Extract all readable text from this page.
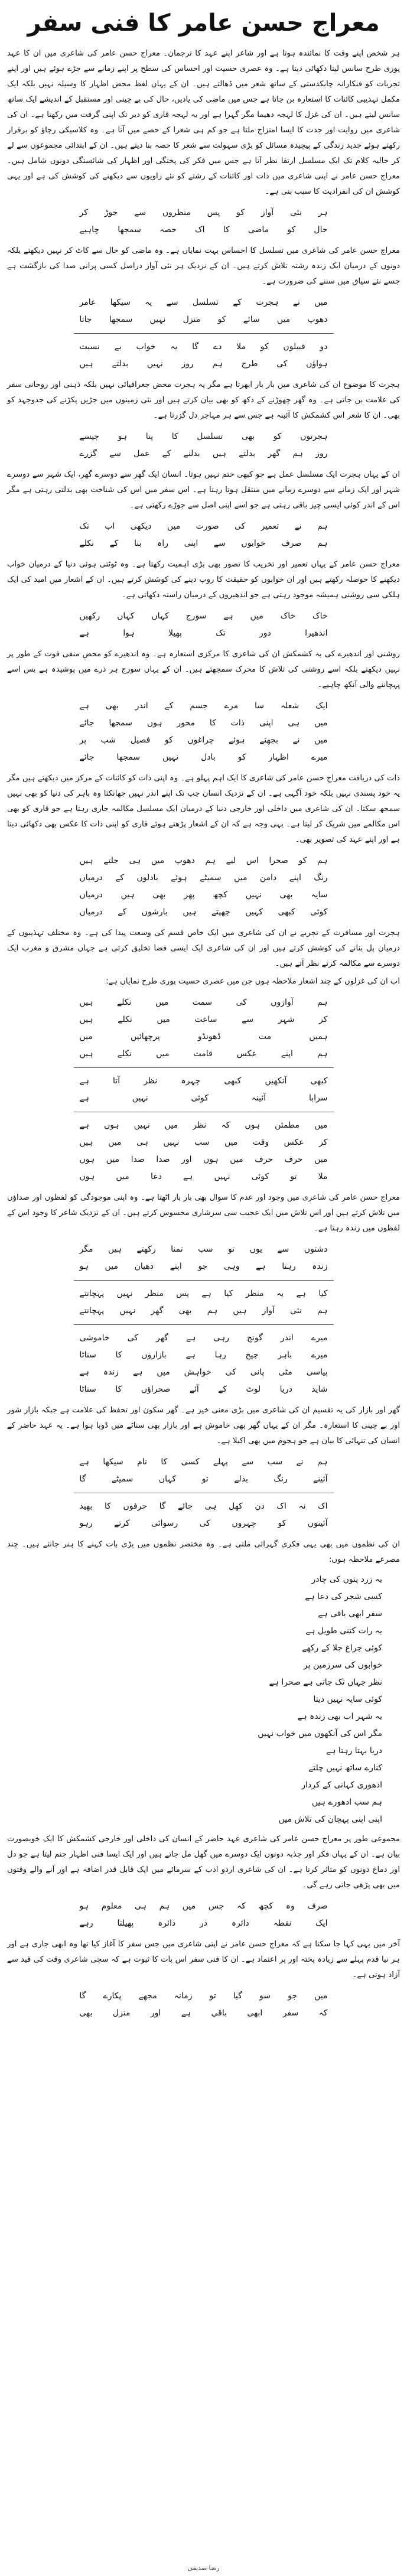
معراج حسن عامر کا فنی سفر

ہر شخص اپنے وقت کا نمائندہ ہوتا ہے اور شاعر اپنے عہد کا ترجمان۔ معراج حسن عامر کی شاعری میں ان کا عہد پوری طرح سانس لیتا دکھائی دیتا ہے۔ وہ عصری حسیت اور احساس کی سطح پر اپنے زمانے سے جڑے ہوئے ہیں اور اپنے تجربات کو فنکارانہ چابکدستی کے ساتھ شعر میں ڈھالتے ہیں۔ ان کے یہاں لفظ محض اظہار کا وسیلہ نہیں بلکہ ایک مکمل تہذیبی کائنات کا استعارہ بن جاتا ہے جس میں ماضی کی یادیں، حال کی بے چینی اور مستقبل کے اندیشے ایک ساتھ سانس لیتے ہیں۔ ان کی غزل کا لہجہ دھیما مگر گہرا ہے اور یہ لہجہ قاری کو دیر تک اپنی گرفت میں رکھتا ہے۔ ان کی شاعری میں روایت اور جدت کا ایسا امتزاج ملتا ہے جو کم ہی شعرا کے حصے میں آتا ہے۔ وہ کلاسیکی رچاؤ کو برقرار رکھتے ہوئے جدید زندگی کے پیچیدہ مسائل کو بڑی سہولت سے شعر کا حصہ بنا دیتے ہیں۔ ان کے ابتدائی مجموعوں سے لے کر حالیہ کلام تک ایک مسلسل ارتقا نظر آتا ہے جس میں فکر کی پختگی اور اظہار کی شائستگی دونوں شامل ہیں۔ معراج حسن عامر نے اپنی شاعری میں ذات اور کائنات کے رشتے کو نئے زاویوں سے دیکھنے کی کوشش کی ہے اور یہی کوشش ان کی انفرادیت کا سبب بنی ہے۔

ہر نئی آواز کو پس منظروں سے جوڑ کر
حال کو ماضی کا اک حصہ سمجھا چاہیے

معراج حسن عامر کی شاعری میں تسلسل کا احساس بہت نمایاں ہے۔ وہ ماضی کو حال سے کاٹ کر نہیں دیکھتے بلکہ دونوں کے درمیان ایک زندہ رشتہ تلاش کرتے ہیں۔ ان کے نزدیک ہر نئی آواز دراصل کسی پرانی صدا کی بازگشت ہے جسے نئے سیاق میں سننے کی ضرورت ہے۔

میں نے ہجرت کے تسلسل سے یہ سیکھا عامر
دھوپ میں سائے کو منزل نہیں سمجھا جاتا
دو قبیلوں کو ملا دے گا یہ خواب بے نسبت
ہواؤں کی طرح ہم روز نہیں بدلتے ہیں

ہجرت کا موضوع ان کی شاعری میں بار بار ابھرتا ہے مگر یہ ہجرت محض جغرافیائی نہیں بلکہ ذہنی اور روحانی سفر کی علامت بن جاتی ہے۔ وہ گھر چھوڑنے کے دکھ کو بھی بیان کرتے ہیں اور نئی زمینوں میں جڑیں پکڑنے کی جدوجہد کو بھی۔ ان کا شعر اس کشمکش کا آئینہ ہے جس سے ہر مہاجر دل گزرتا ہے۔

ہجرتوں کو بھی تسلسل کا پتا ہو جیسے
روز ہم گھر بدلتے ہیں بدلنے کے عمل سے گزرے

ان کے یہاں ہجرت ایک مسلسل عمل ہے جو کبھی ختم نہیں ہوتا۔ انسان ایک گھر سے دوسرے گھر، ایک شہر سے دوسرے شہر اور ایک زمانے سے دوسرے زمانے میں منتقل ہوتا رہتا ہے۔ اس سفر میں اس کی شناخت بھی بدلتی رہتی ہے مگر اس کے اندر کوئی ایسی چیز باقی رہتی ہے جو اسے اپنی اصل سے جوڑے رکھتی ہے۔

ہم نے تعمیر کی صورت میں دیکھی اب تک
ہم صرف خوابوں سے اپنی راہ بنا کے نکلے

معراج حسن عامر کے یہاں تعمیر اور تخریب کا تصور بھی بڑی اہمیت رکھتا ہے۔ وہ ٹوٹتی ہوئی دنیا کے درمیان خواب دیکھنے کا حوصلہ رکھتے ہیں اور ان خوابوں کو حقیقت کا روپ دینے کی کوشش کرتے ہیں۔ ان کے اشعار میں امید کی ایک ہلکی سی روشنی ہمیشہ موجود رہتی ہے جو اندھیروں کے درمیان راستہ دکھاتی ہے۔

خاک خاک میں ہے سورج کہاں کہاں رکھیں
اندھیرا دور تک پھیلا ہوا ہے

روشنی اور اندھیرے کی یہ کشمکش ان کی شاعری کا مرکزی استعارہ ہے۔ وہ اندھیرے کو محض منفی قوت کے طور پر نہیں دیکھتے بلکہ اسے روشنی کی تلاش کا محرک سمجھتے ہیں۔ ان کے یہاں سورج ہر ذرے میں پوشیدہ ہے بس اسے پہچاننے والی آنکھ چاہیے۔

ایک شعلہ سا مرے جسم کے اندر بھی ہے
میں ہی اپنی ذات کا محور ہوں سمجھا جائے
میں نے بجھتے ہوئے چراغوں کو فصیل شب پر
میرے اظہار کو بادل نہیں سمجھا جائے

ذات کی دریافت معراج حسن عامر کی شاعری کا ایک اہم پہلو ہے۔ وہ اپنی ذات کو کائنات کے مرکز میں دیکھتے ہیں مگر یہ خود پسندی نہیں بلکہ خود آگہی ہے۔ ان کے نزدیک انسان جب تک اپنے اندر نہیں جھانکتا وہ باہر کی دنیا کو بھی نہیں سمجھ سکتا۔ ان کی شاعری میں داخلی اور خارجی دنیا کے درمیان ایک مسلسل مکالمہ جاری رہتا ہے جو قاری کو بھی اس مکالمے میں شریک کر لیتا ہے۔ یہی وجہ ہے کہ ان کے اشعار پڑھتے ہوئے قاری کو اپنی ذات کا عکس بھی دکھائی دیتا ہے اور اپنے عہد کی تصویر بھی۔

ہم کو صحرا اس لیے ہم دھوپ میں ہی جلتے ہیں
رنگ اپنے دامن میں سمیٹے ہوئے بادلوں کے درمیاں
سایہ بھی نہیں کچھ پھر بھی ہیں درمیاں
کوئی کبھی کہیں چھپتے ہیں بارشوں کے درمیاں

ہجرت اور مسافرت کے تجربے نے ان کی شاعری میں ایک خاص قسم کی وسعت پیدا کی ہے۔ وہ مختلف تہذیبوں کے درمیان پل بنانے کی کوشش کرتے ہیں اور ان کی شاعری ایک ایسی فضا تخلیق کرتی ہے جہاں مشرق و مغرب ایک دوسرے سے مکالمہ کرتے نظر آتے ہیں۔

اب ان کی غزلوں کے چند اشعار ملاحظہ ہوں جن میں عصری حسیت پوری طرح نمایاں ہے:

ہم آوازوں کی سمت میں نکلے ہیں
کر شہر سے ساعت میں نکلے ہیں
ہمیں مت ڈھونڈو پرچھائیں میں
ہم اپنے عکس قامت میں نکلے ہیں
کبھی آنکھیں کبھی چہرہ نظر آتا ہے
سرابا آئینہ کوئی نہیں ہے
میں مطمئن ہوں کہ نظر میں نہیں ہوں ہے
کر عکس وقت میں سب نہیں ہی میں ہیں
میں حرف حرف میں ہوں اور صدا صدا میں ہوں
ملا تو کوئی نہیں ہے دعا میں ہوں

معراج حسن عامر کی شاعری میں وجود اور عدم کا سوال بھی بار بار اٹھتا ہے۔ وہ اپنی موجودگی کو لفظوں اور صداؤں میں تلاش کرتے ہیں اور اس تلاش میں ایک عجیب سی سرشاری محسوس کرتے ہیں۔ ان کے نزدیک شاعر کا وجود اس کے لفظوں میں زندہ رہتا ہے۔

دشتوں سے یوں تو سب تمنا رکھتے ہیں مگر
زندہ رہتا ہے وہی جو اپنے دھیان میں ہو
کیا ہے یہ منظر کیا ہے پس منظر نہیں پہچانتے
ہم نئی آواز ہیں ہم بھی گھر نہیں پہچانتے
میرے اندر گونج رہی ہے گھر کی خاموشی
میرے باہر چیخ رہا ہے بازاروں کا سناٹا
پیاسی مٹی پانی کی خواہش میں ہے زندہ ہے
شاید دریا لوٹ کے آئے صحراؤں کا سناٹا

گھر اور بازار کی یہ تقسیم ان کی شاعری میں بڑی معنی خیز ہے۔ گھر سکون اور تحفظ کی علامت ہے جبکہ بازار شور اور بے چینی کا استعارہ۔ مگر ان کے یہاں گھر بھی خاموش ہے اور بازار بھی سناٹے میں ڈوبا ہوا ہے۔ یہ عہد حاضر کے انسان کی تنہائی کا بیان ہے جو ہجوم میں بھی اکیلا ہے۔

ہم نے سب سے پہلے کسی کا نام سیکھا ہے
آئینے رنگ بدلے تو کہاں سمیٹے گا
اک نہ اک دن کھل ہی جائے گا حرفوں کا بھید
آئینوں کو چہروں کی رسوائی کرتے رہو

ان کی نظموں میں بھی یہی فکری گہرائی ملتی ہے۔ وہ مختصر نظموں میں بڑی بات کہنے کا ہنر جانتے ہیں۔ چند مصرعے ملاحظہ ہوں:

یہ زرد پتوں کی چادر
کسی شجر کی دعا ہے
سفر ابھی باقی ہے
یہ رات کتنی طویل ہے
کوئی چراغ جلا کے رکھے
خوابوں کی سرزمین پر
نظر جہاں تک جاتی ہے صحرا ہے
کوئی سایہ نہیں دیتا
یہ شہر اب بھی زندہ ہے
مگر اس کی آنکھوں میں خواب نہیں
دریا بہتا رہتا ہے
کنارے ساتھ نہیں چلتے
ادھوری کہانی کے کردار
ہم سب ادھورے ہیں
اپنی اپنی پہچان کی تلاش میں

مجموعی طور پر معراج حسن عامر کی شاعری عہد حاضر کے انسان کی داخلی اور خارجی کشمکش کا ایک خوبصورت بیان ہے۔ ان کے یہاں فکر اور جذبہ دونوں ایک دوسرے میں گھل مل جاتے ہیں اور ایک ایسا فنی اظہار جنم لیتا ہے جو دل اور دماغ دونوں کو متاثر کرتا ہے۔ ان کی شاعری اردو ادب کے سرمائے میں ایک قابل قدر اضافہ ہے اور آنے والے وقتوں میں بھی پڑھی جاتی رہے گی۔

صرف وہ کچھ کہ جس میں ہم ہی معلوم ہو
ایک نقطہ دائرہ در دائرہ پھیلتا رہے

آخر میں یہی کہا جا سکتا ہے کہ معراج حسن عامر نے اپنی شاعری میں جس سفر کا آغاز کیا تھا وہ ابھی جاری ہے اور ہر نیا قدم پہلے سے زیادہ پختہ اور پر اعتماد ہے۔ ان کا فنی سفر اس بات کا ثبوت ہے کہ سچی شاعری وقت کی قید سے آزاد ہوتی ہے۔

میں جو سو گیا تو زمانہ مجھے پکارے گا
کہ سفر ابھی باقی ہے اور منزل بھی
رضا صدیقی
